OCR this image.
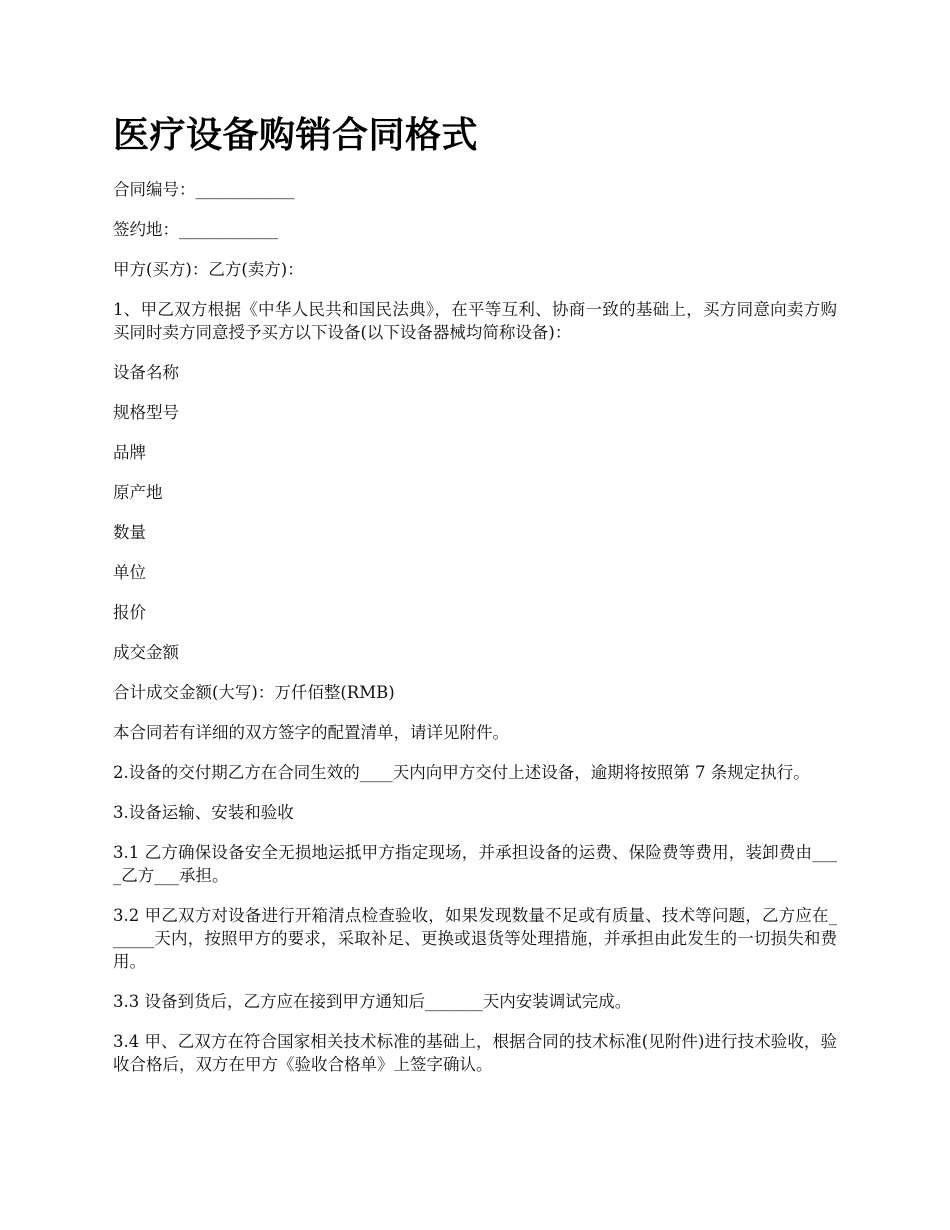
医疗设备购销合同格式

合同编号：____________

签约地：____________

甲方(买方)：乙方(卖方)：

1、甲乙双方根据《中华人民共和国民法典》，在平等互利、协商一致的基础上，买方同意向卖方购买同时卖方同意授予买方以下设备(以下设备器械均简称设备)：

设备名称

规格型号

品牌

原产地

数量

单位

报价

成交金额

合计成交金额(大写)：万仟佰整(RMB)

本合同若有详细的双方签字的配置清单，请详见附件。

2.设备的交付期乙方在合同生效的____天内向甲方交付上述设备，逾期将按照第 7 条规定执行。

3.设备运输、安装和验收

3.1 乙方确保设备安全无损地运抵甲方指定现场，并承担设备的运费、保险费等费用，装卸费由____乙方___承担。

3.2 甲乙双方对设备进行开箱清点检查验收，如果发现数量不足或有质量、技术等问题，乙方应在______天内，按照甲方的要求，采取补足、更换或退货等处理措施，并承担由此发生的一切损失和费用。

3.3 设备到货后，乙方应在接到甲方通知后_______天内安装调试完成。

3.4 甲、乙双方在符合国家相关技术标准的基础上，根据合同的技术标准(见附件)进行技术验收，验收合格后，双方在甲方《验收合格单》上签字确认。
